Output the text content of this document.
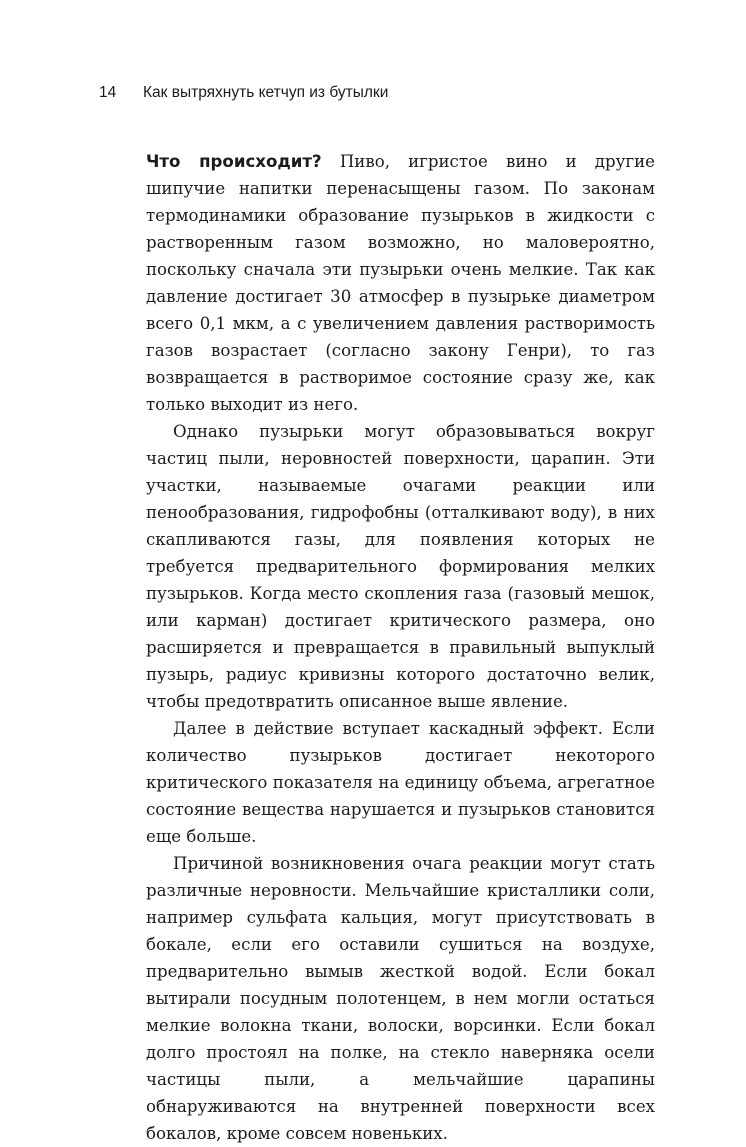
14 Как вытряхнуть кетчуп из бутылки

Что происходит? Пиво, игристое вино и другие шипучие напитки перенасыщены газом. По законам термодинамики образование пузырьков в жидкости с растворенным газом возможно, но маловероятно, поскольку сначала эти пузырьки очень мелкие. Так как давление достигает 30 атмосфер в пузырьке диаметром всего 0,1 мкм, а с увеличением давления растворимость газов возрастает (согласно закону Генри), то газ возвращается в растворимое состояние сразу же, как только выходит из него.

Однако пузырьки могут образовываться вокруг частиц пыли, неровностей поверхности, царапин. Эти участки, называемые очагами реакции или пенообразования, гидрофобны (отталкивают воду), в них скапливаются газы, для появления которых не требуется предварительного формирования мелких пузырьков. Когда место скопления газа (газовый мешок, или карман) достигает критического размера, оно расширяется и превращается в правильный выпуклый пузырь, радиус кривизны которого достаточно велик, чтобы предотвратить описанное выше явление.

Далее в действие вступает каскадный эффект. Если количество пузырьков достигает некоторого критического показателя на единицу объема, агрегатное состояние вещества нарушается и пузырьков становится еще больше.

Причиной возникновения очага реакции могут стать различные неровности. Мельчайшие кристаллики соли, например сульфата кальция, могут присутствовать в бокале, если его оставили сушиться на воздухе, предварительно вымыв жесткой водой. Если бокал вытирали посудным полотенцем, в нем могли остаться мелкие волокна ткани, волоски, ворсинки. Если бокал долго простоял на полке, на стекло наверняка осели частицы пыли, а мельчайшие царапины обнаруживаются на внутренней поверхности всех бокалов, кроме совсем новеньких.
